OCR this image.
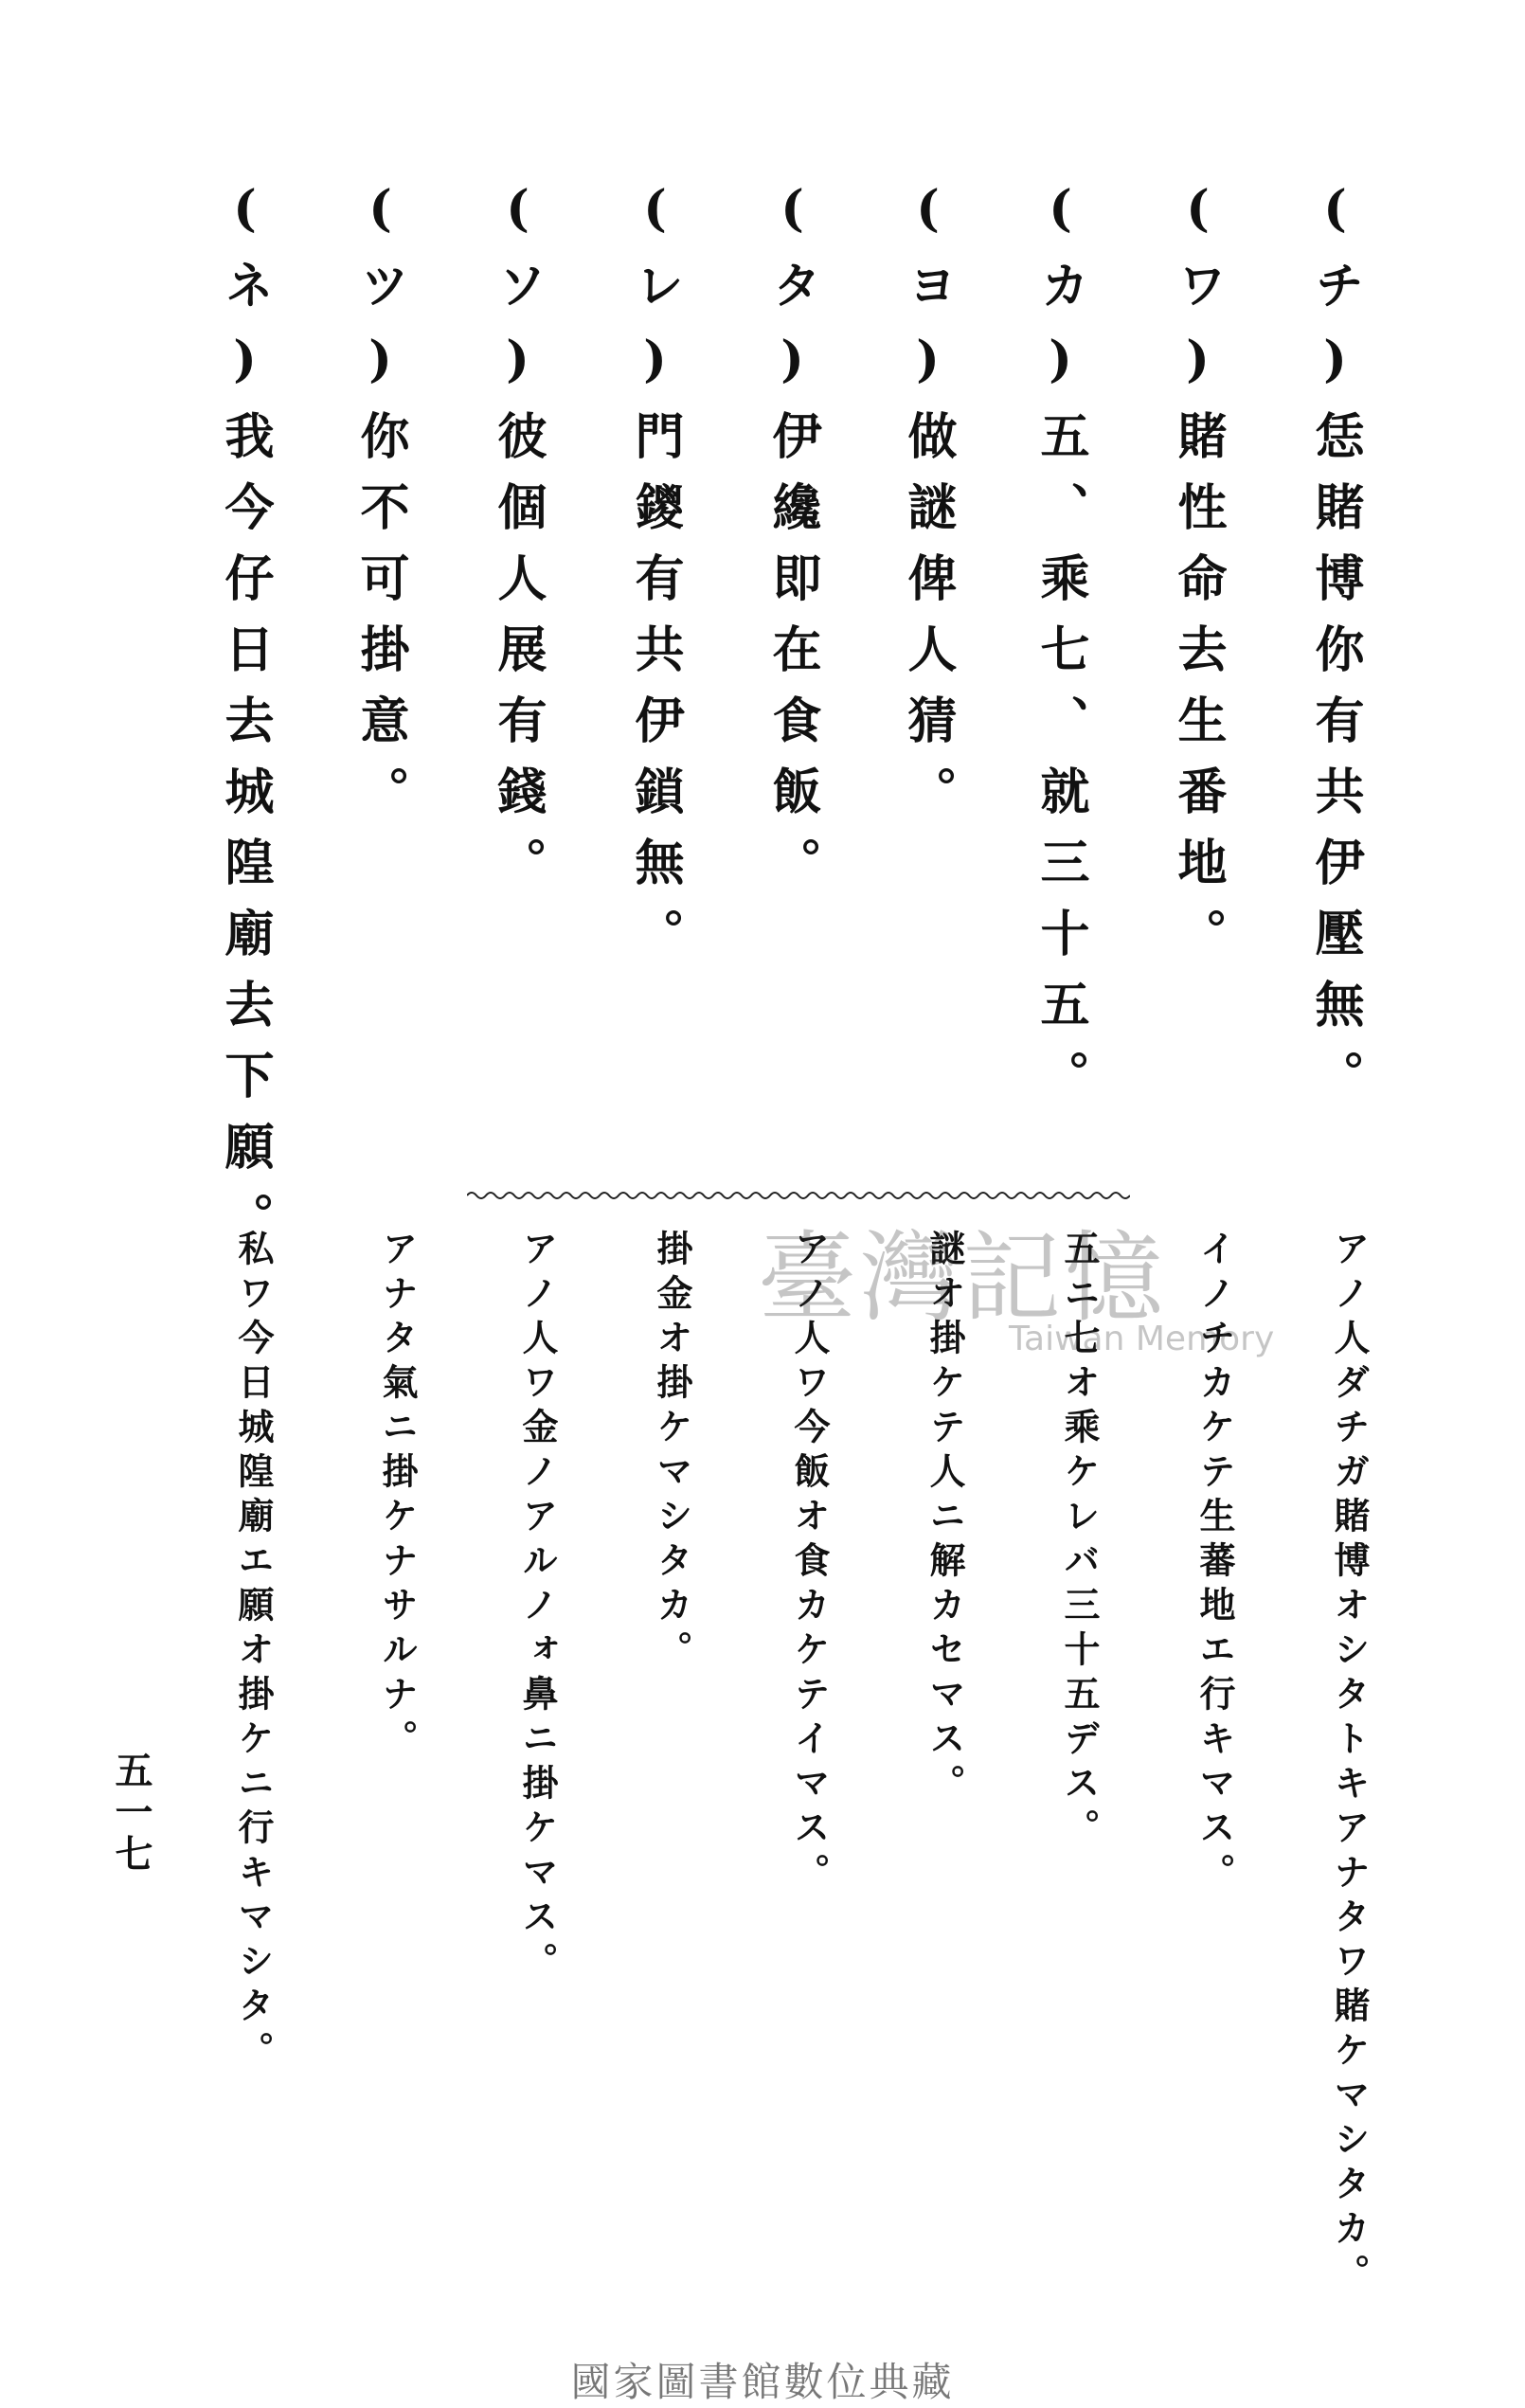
(チ)恁賭博你有共伊壓無。
(ワ)賭性命去生番地。
(カ)五、乘七、就三十五。
(ヨ)做謎俾人猜。
(タ)伊纔即在食飯。
(レ)門鑁有共伊鎖無。
(ソ)彼個人展有錢。
(ツ)你不可掛意。
(ネ)我今仔日去城隍廟去下願。
アノ人ダチガ賭博オシタトキアナタワ賭ケマシタカ。
イノチカケテ生蕃地エ行キマス。
五ニ七オ乘ケレバ三十五デス。
謎オ掛ケテ人ニ解カセマス。
アノ人ワ今飯オ食カケテイマス。
掛金オ掛ケマシタカ。
アノ人ワ金ノアルノォ鼻ニ掛ケマス。
アナタ氣ニ掛ケナサルナ。
私ワ今日城隍廟エ願オ掛ケニ行キマシタ。	臺灣記憶
Taiwan Memory
五一七
國家圖書館數位典藏
